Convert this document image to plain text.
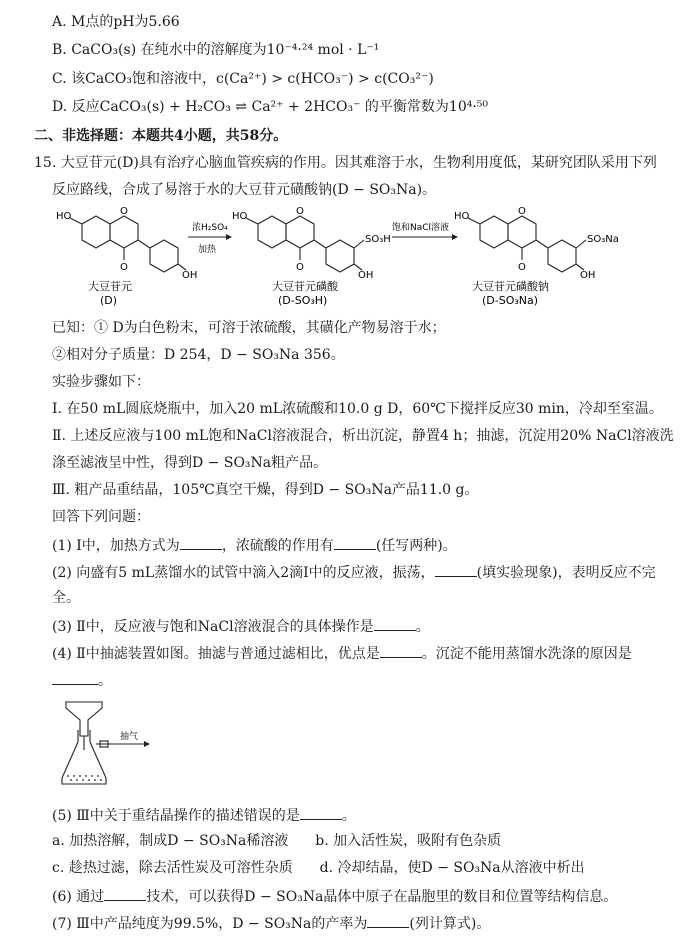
A. M点的pH为5.66
B. CaCO₃(s) 在纯水中的溶解度为10⁻⁴·²⁴ mol · L⁻¹
C. 该CaCO₃饱和溶液中，c(Ca²⁺) > c(HCO₃⁻) > c(CO₃²⁻)
D. 反应CaCO₃(s) + H₂CO₃ ⇌ Ca²⁺ + 2HCO₃⁻ 的平衡常数为10⁴·⁵⁰
二、非选择题：本题共4小题，共58分。
15. 大豆苷元(D)具有治疗心脑血管疾病的作用。因其难溶于水，生物利用度低，某研究团队采用下列
反应路线，合成了易溶于水的大豆苷元磺酸钠(D − SO₃Na)。
HO	O
O
OH
大豆苷元
(D)
浓H₂SO₄
加热
HO	O
O
SO₃H
OH
大豆苷元磺酸
(D-SO₃H)
饱和NaCl溶液
HO	O
O
SO₃Na
OH
大豆苷元磺酸钠
(D-SO₃Na)
已知：① D为白色粉末，可溶于浓硫酸，其磺化产物易溶于水；
②相对分子质量：D 254，D − SO₃Na 356。
实验步骤如下：
Ⅰ. 在50 mL圆底烧瓶中，加入20 mL浓硫酸和10.0 g D，60℃下搅拌反应30 min，冷却至室温。
Ⅱ. 上述反应液与100 mL饱和NaCl溶液混合，析出沉淀，静置4 h；抽滤，沉淀用20% NaCl溶液洗
涤至滤液呈中性，得到D − SO₃Na粗产品。
Ⅲ. 粗产品重结晶，105℃真空干燥，得到D − SO₃Na产品11.0 g。
回答下列问题：
(1) Ⅰ中，加热方式为	，浓硫酸的作用有	(任写两种)。
(2) 向盛有5 mL蒸馏水的试管中滴入2滴Ⅰ中的反应液，振荡，	(填实验现象)，表明反应不完
全。
(3) Ⅱ中，反应液与饱和NaCl溶液混合的具体操作是	。
(4) Ⅱ中抽滤装置如图。抽滤与普通过滤相比，优点是	。沉淀不能用蒸馏水洗涤的原因是
。
抽气
(5) Ⅲ中关于重结晶操作的描述错误的是	。
a. 加热溶解，制成D − SO₃Na稀溶液 b. 加入活性炭，吸附有色杂质
c. 趁热过滤，除去活性炭及可溶性杂质 d. 冷却结晶，使D − SO₃Na从溶液中析出
(6) 通过	技术，可以获得D − SO₃Na晶体中原子在晶胞里的数目和位置等结构信息。
(7) Ⅲ中产品纯度为99.5%，D − SO₃Na的产率为	(列计算式)。
